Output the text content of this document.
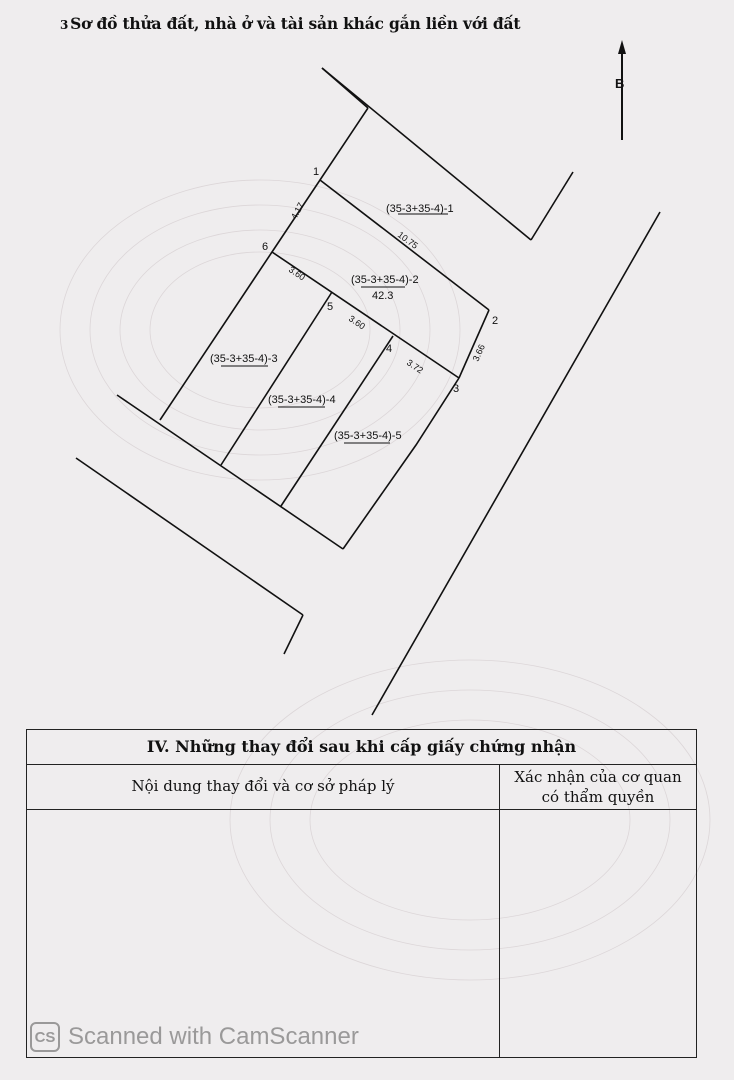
3 Sơ đồ thửa đất, nhà ở và tài sản khác gắn liền với đất
B
(35-3+35-4)-1
(35-3+35-4)-2
42.3
(35-3+35-4)-3
(35-3+35-4)-4
(35-3+35-4)-5
1
2
3
4
5
6
4.17
10.75
3.60
3.60
3.72
3.66
IV. Những thay đổi sau khi cấp giấy chứng nhận
Nội dung thay đổi và cơ sở pháp lý	Xác nhận của cơ quan
có thẩm quyền
CS Scanned with CamScanner
